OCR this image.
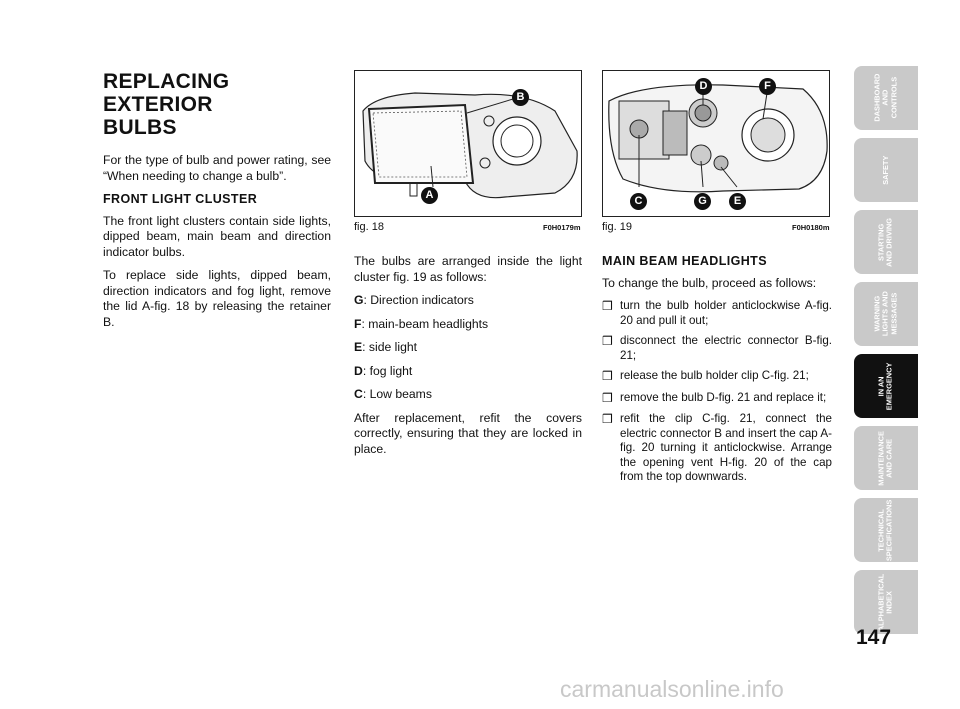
REPLACING EXTERIOR
BULBS

For the type of bulb and power rating, see “When needing to change a bulb”.

FRONT LIGHT CLUSTER

The front light clusters contain side lights, dipped beam, main beam and direction indicator bulbs.

To replace side lights, dipped beam, direction indicators and fog light, remove the lid A-fig. 18 by releasing the retainer B.

A
B
fig. 18	F0H0179m
D	F
C	G	E
fig. 19	F0H0180m

The bulbs are arranged inside the light cluster fig. 19 as follows:

G: Direction indicators

F: main-beam headlights

E: side light

D: fog light

C: Low beams

After replacement, refit the covers correctly, ensuring that they are locked in place.

MAIN BEAM HEADLIGHTS

To change the bulb, proceed as follows:

❒ turn the bulb holder anticlockwise A-fig. 20 and pull it out;
❒ disconnect the electric connector B-fig. 21;
❒ release the bulb holder clip C-fig. 21;
❒ remove the bulb D-fig. 21 and replace it;
❒ refit the clip C-fig. 21, connect the electric connector B and insert the cap A-fig. 20 turning it anticlockwise. Arrange the opening vent H-fig. 20 of the cap from the top downwards.
DASHBOARD
AND
CONTROLS
SAFETY
STARTING
AND DRIVING
WARNING
LIGHTS AND
MESSAGES
IN AN
EMERGENCY
MAINTENANCE
AND CARE
TECHNICAL
SPECIFICATIONS
ALPHABETICAL
INDEX
147
carmanualsonline.info
